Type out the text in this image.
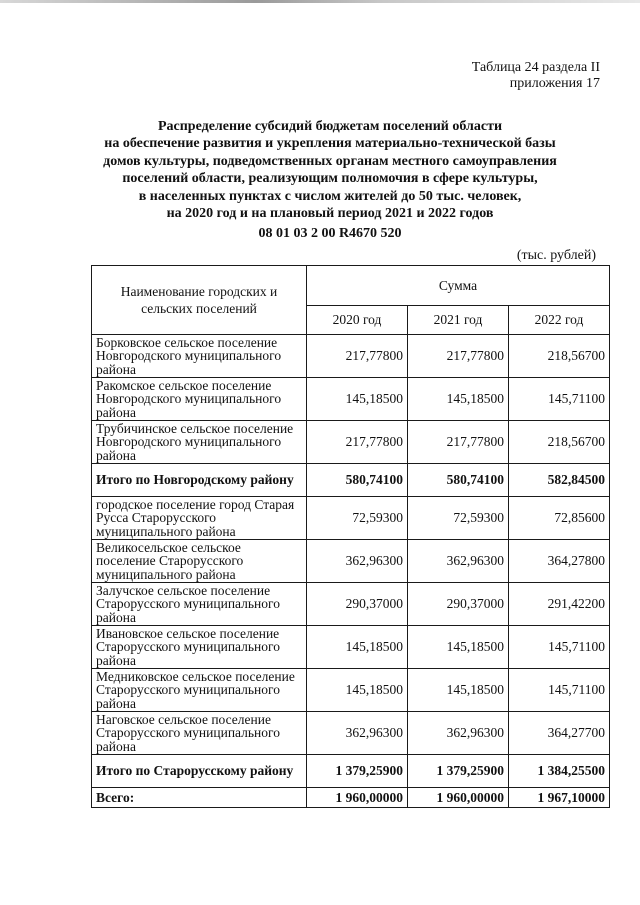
Таблица 24 раздела II
приложения 17
Распределение субсидий бюджетам поселений области
на обеспечение развития и укрепления материально-технической базы
домов культуры, подведомственных органам местного самоуправления
поселений области, реализующим полномочия в сфере культуры,
в населенных пунктах с числом жителей до 50 тыс. человек,
на 2020 год и на плановый период 2021 и 2022 годов
08 01 03 2 00 R4670 520
(тыс. рублей)
Наименование городских и сельских поселений	Сумма		
	2020 год	2021 год	2022 год
Борковское сельское поселение Новгородского муниципального района	217,77800	217,77800	218,56700
Ракомское сельское поселение Новгородского муниципального района	145,18500	145,18500	145,71100
Трубичинское сельское поселение Новгородского муниципального района	217,77800	217,77800	218,56700
Итого по Новгородскому району	580,74100	580,74100	582,84500
городское поселение город Старая Русса Старорусского муниципального района	72,59300	72,59300	72,85600
Великосельское сельское поселение Старорусского муниципального района	362,96300	362,96300	364,27800
Залучское сельское поселение Старорусского муниципального района	290,37000	290,37000	291,42200
Ивановское сельское поселение Старорусского муниципального района	145,18500	145,18500	145,71100
Медниковское сельское поселение Старорусского муниципального района	145,18500	145,18500	145,71100
Наговское сельское поселение Старорусского муниципального района	362,96300	362,96300	364,27700
Итого по Старорусскому району	1 379,25900	1 379,25900	1 384,25500
Всего:	1 960,00000	1 960,00000	1 967,10000
